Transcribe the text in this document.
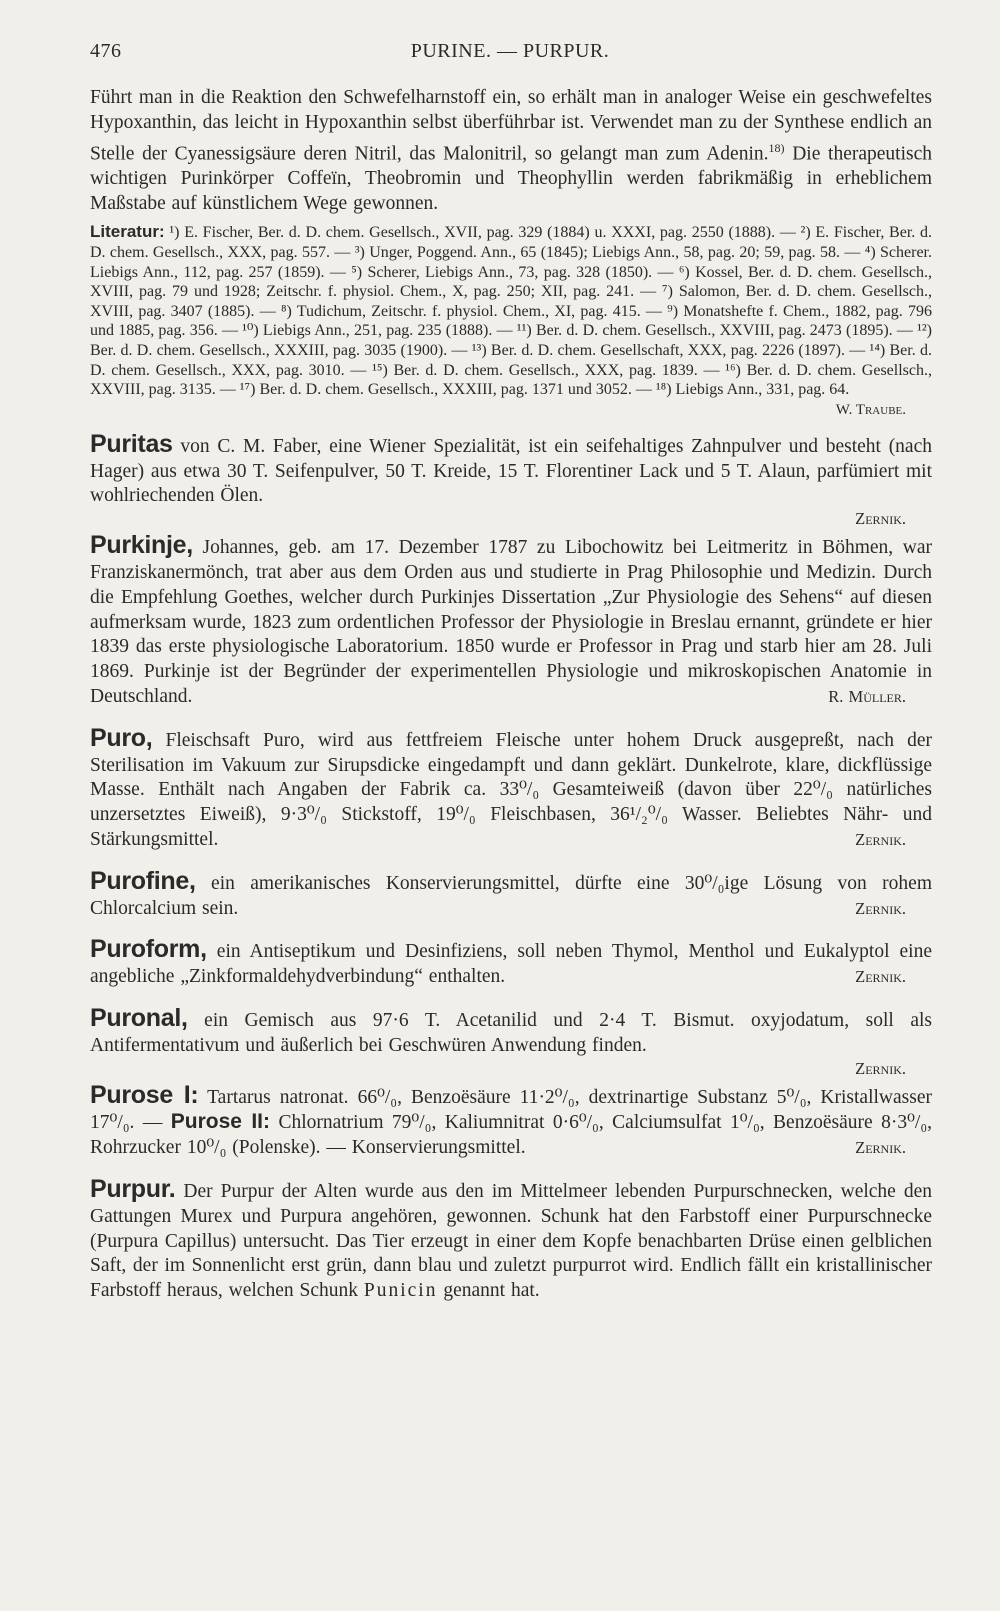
476	PURINE. — PURPUR.

Führt man in die Reaktion den Schwefelharnstoff ein, so erhält man in analoger Weise ein geschwefeltes Hypoxanthin, das leicht in Hypoxanthin selbst überführbar ist. Verwendet man zu der Synthese endlich an Stelle der Cyanessigsäure deren Nitril, das Malonitril, so gelangt man zum Adenin.$^{18)}$ Die therapeutisch wichtigen Purinkörper Coffeïn, Theobromin und Theophyllin werden fabrikmäßig in erheblichem Maßstabe auf künstlichem Wege gewonnen.

Literatur: ¹) E. Fischer, Ber. d. D. chem. Gesellsch., XVII, pag. 329 (1884) u. XXXI, pag. 2550 (1888). — ²) E. Fischer, Ber. d. D. chem. Gesellsch., XXX, pag. 557. — ³) Unger, Poggend. Ann., 65 (1845); Liebigs Ann., 58, pag. 20; 59, pag. 58. — ⁴) Scherer. Liebigs Ann., 112, pag. 257 (1859). — ⁵) Scherer, Liebigs Ann., 73, pag. 328 (1850). — ⁶) Kossel, Ber. d. D. chem. Gesellsch., XVIII, pag. 79 und 1928; Zeitschr. f. physiol. Chem., X, pag. 250; XII, pag. 241. — ⁷) Salomon, Ber. d. D. chem. Gesellsch., XVIII, pag. 3407 (1885). — ⁸) Tudichum, Zeitschr. f. physiol. Chem., XI, pag. 415. — ⁹) Monatshefte f. Chem., 1882, pag. 796 und 1885, pag. 356. — ¹⁰) Liebigs Ann., 251, pag. 235 (1888). — ¹¹) Ber. d. D. chem. Gesellsch., XXVIII, pag. 2473 (1895). — ¹²) Ber. d. D. chem. Gesellsch., XXXIII, pag. 3035 (1900). — ¹³) Ber. d. D. chem. Gesellschaft, XXX, pag. 2226 (1897). — ¹⁴) Ber. d. D. chem. Gesellsch., XXX, pag. 3010. — ¹⁵) Ber. d. D. chem. Gesellsch., XXX, pag. 1839. — ¹⁶) Ber. d. D. chem. Gesellsch., XXVIII, pag. 3135. — ¹⁷) Ber. d. D. chem. Gesellsch., XXXIII, pag. 1371 und 3052. — ¹⁸) Liebigs Ann., 331, pag. 64.
W. Traube.

Puritas von C. M. Faber, eine Wiener Spezialität, ist ein seifehaltiges Zahnpulver und besteht (nach Hager) aus etwa 30 T. Seifenpulver, 50 T. Kreide, 15 T. Florentiner Lack und 5 T. Alaun, parfümiert mit wohlriechenden Ölen.

Zernik.

Purkinje, Johannes, geb. am 17. Dezember 1787 zu Libochowitz bei Leitmeritz in Böhmen, war Franziskanermönch, trat aber aus dem Orden aus und studierte in Prag Philosophie und Medizin. Durch die Empfehlung Goethes, welcher durch Purkinjes Dissertation „Zur Physiologie des Sehens“ auf diesen aufmerksam wurde, 1823 zum ordentlichen Professor der Physiologie in Breslau ernannt, gründete er hier 1839 das erste physiologische Laboratorium. 1850 wurde er Professor in Prag und starb hier am 28. Juli 1869. Purkinje ist der Begründer der experimentellen Physiologie und mikroskopischen Anatomie in Deutschland.	R. Müller.

Puro, Fleischsaft Puro, wird aus fettfreiem Fleische unter hohem Druck ausgepreßt, nach der Sterilisation im Vakuum zur Sirupsdicke eingedampft und dann geklärt. Dunkelrote, klare, dickflüssige Masse. Enthält nach Angaben der Fabrik ca. 33⁰/₀ Gesamteiweiß (davon über 22⁰/₀ natürliches unzersetztes Eiweiß), 9·3⁰/₀ Stickstoff, 19⁰/₀ Fleischbasen, 36¹/₂⁰/₀ Wasser. Beliebtes Nähr- und Stärkungsmittel.	Zernik.

Purofine, ein amerikanisches Konservierungsmittel, dürfte eine 30⁰/₀ige Lösung von rohem Chlorcalcium sein.	Zernik.

Puroform, ein Antiseptikum und Desinfiziens, soll neben Thymol, Menthol und Eukalyptol eine angebliche „Zinkformaldehydverbindung“ enthalten.	Zernik.

Puronal, ein Gemisch aus 97·6 T. Acetanilid und 2·4 T. Bismut. oxyjodatum, soll als Antifermentativum und äußerlich bei Geschwüren Anwendung finden.

Zernik.

Purose I: Tartarus natronat. 66⁰/₀, Benzoësäure 11·2⁰/₀, dextrinartige Substanz 5⁰/₀, Kristallwasser 17⁰/₀. — Purose II: Chlornatrium 79⁰/₀, Kaliumnitrat 0·6⁰/₀, Calciumsulfat 1⁰/₀, Benzoësäure 8·3⁰/₀, Rohrzucker 10⁰/₀ (Polenske). — Konservierungsmittel.	Zernik.

Purpur. Der Purpur der Alten wurde aus den im Mittelmeer lebenden Purpurschnecken, welche den Gattungen Murex und Purpura angehören, gewonnen. Schunk hat den Farbstoff einer Purpurschnecke (Purpura Capillus) untersucht. Das Tier erzeugt in einer dem Kopfe benachbarten Drüse einen gelblichen Saft, der im Sonnenlicht erst grün, dann blau und zuletzt purpurrot wird. Endlich fällt ein kristallinischer Farbstoff heraus, welchen Schunk Punicin genannt hat.
